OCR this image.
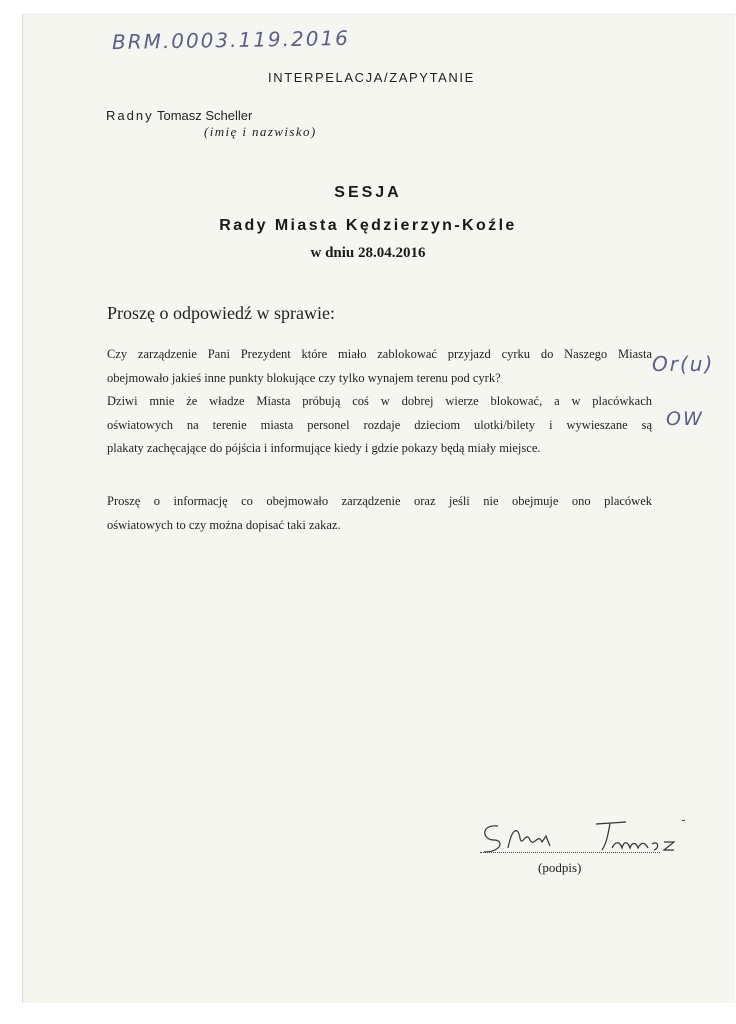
BRM.0003.119.2016
INTERPELACJA/ZAPYTANIE
Radny Tomasz Scheller
(imię i nazwisko)
SESJA
Rady Miasta Kędzierzyn-Koźle
w dniu 28.04.2016
Proszę o odpowiedź w sprawie:
Czy zarządzenie Pani Prezydent które miało zablokować przyjazd cyrku do Naszego Miasta
obejmowało jakieś inne punkty blokujące czy tylko wynajem terenu pod cyrk?
Dziwi mnie że władze Miasta próbują coś w dobrej wierze blokować, a w placówkach
oświatowych na terenie miasta personel rozdaje dzieciom ulotki/bilety i wywieszane są
plakaty zachęcające do pójścia i informujące kiedy i gdzie pokazy będą miały miejsce.
Proszę o informację co obejmowało zarządzenie oraz jeśli nie obejmuje ono placówek
oświatowych to czy można dopisać taki zakaz.
Or(u)
OW
(podpis)
